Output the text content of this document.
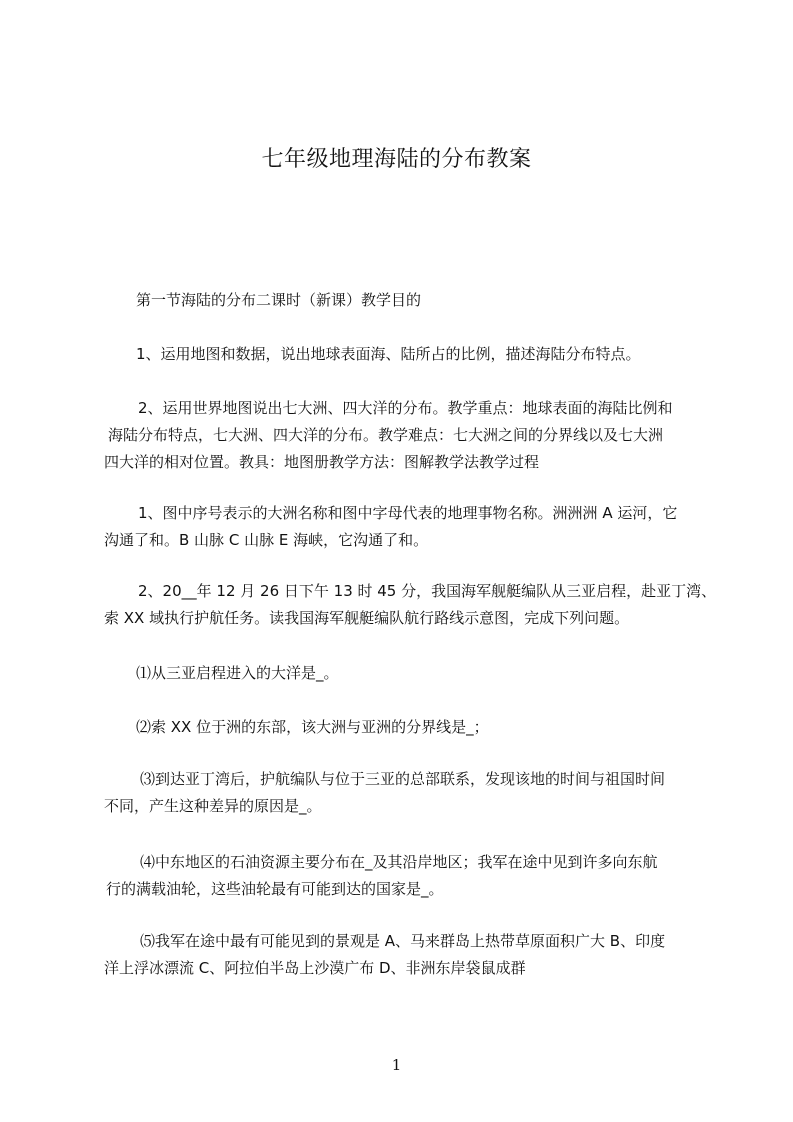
七年级地理海陆的分布教案
第一节海陆的分布二课时（新课）教学目的
1、运用地图和数据，说出地球表面海、陆所占的比例，描述海陆分布特点。
2、运用世界地图说出七大洲、四大洋的分布。教学重点：地球表面的海陆比例和
海陆分布特点，七大洲、四大洋的分布。教学难点：七大洲之间的分界线以及七大洲
四大洋的相对位置。教具：地图册教学方法：图解教学法教学过程
1、图中序号表示的大洲名称和图中字母代表的地理事物名称。洲洲洲 A 运河，它
沟通了和。B 山脉 C 山脉 E 海峡，它沟通了和。
2、20__年 12 月 26 日下午 13 时 45 分，我国海军舰艇编队从三亚启程，赴亚丁湾、
索 XX 域执行护航任务。读我国海军舰艇编队航行路线示意图，完成下列问题。
⑴从三亚启程进入的大洋是_。
⑵索 XX 位于洲的东部，该大洲与亚洲的分界线是_；
⑶到达亚丁湾后，护航编队与位于三亚的总部联系，发现该地的时间与祖国时间
不同，产生这种差异的原因是_。
⑷中东地区的石油资源主要分布在_及其沿岸地区；我军在途中见到许多向东航
行的满载油轮，这些油轮最有可能到达的国家是_。
⑸我军在途中最有可能见到的景观是 A、马来群岛上热带草原面积广大 B、印度
洋上浮冰漂流 C、阿拉伯半岛上沙漠广布 D、非洲东岸袋鼠成群
1
